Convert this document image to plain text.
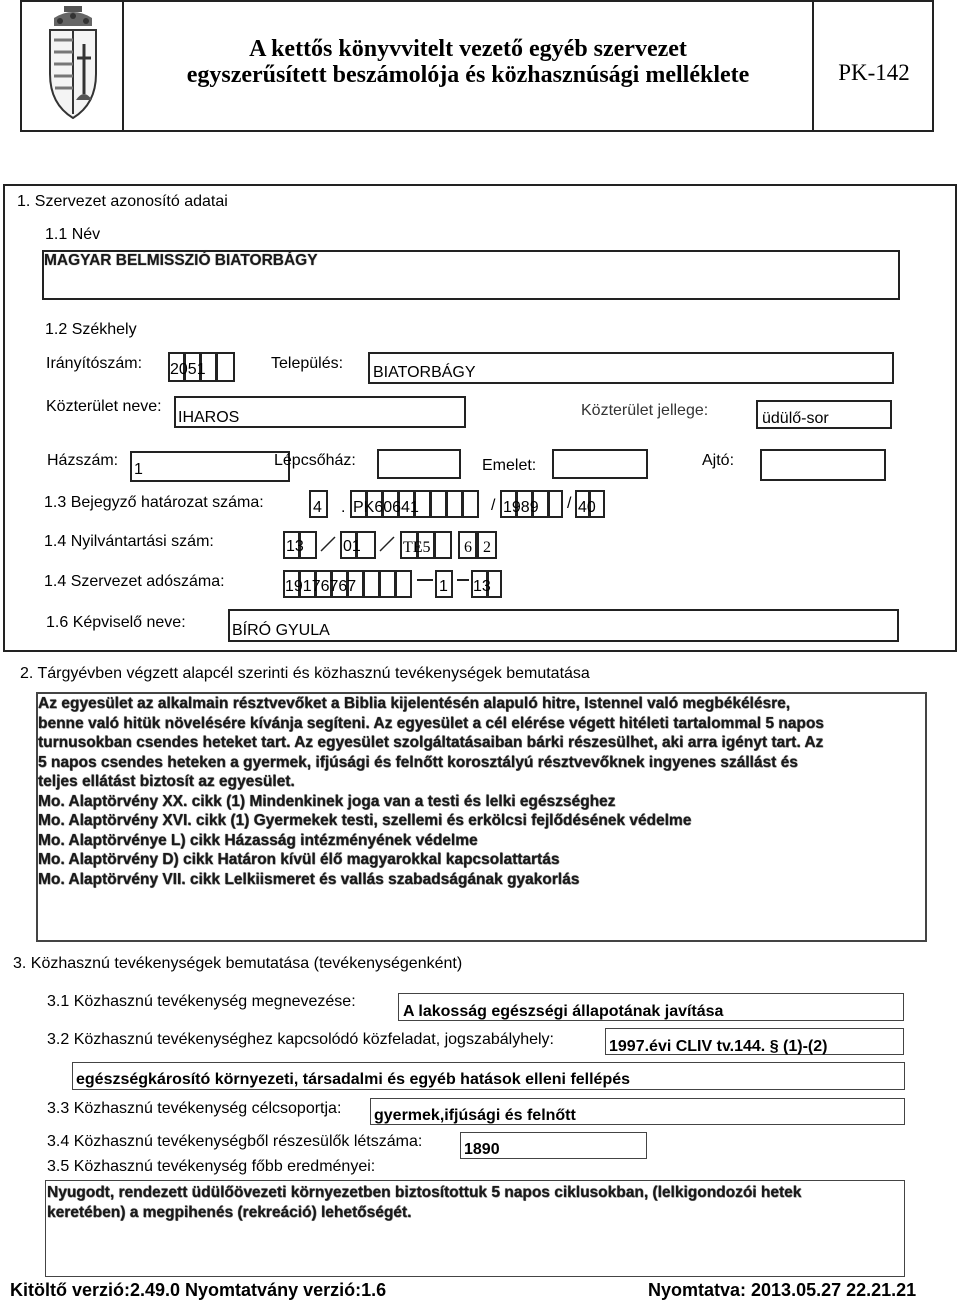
A kettős könyvvitelt vezető egyéb szervezet
egyszerűsített beszámolója és közhasznúsági melléklete	PK-142
1. Szervezet azonosító adatai
1.1 Név
MAGYAR BELMISSZIÓ BIATORBÁGY
1.2 Székhely
Irányítószám: 2051	Település:
BIATORBÁGY
Közterület neve:
IHAROS	Közterület jellege:	üdülő-sor
Házszám:
1
Lépcsőház:	Emelet:	Ajtó:
1.3 Bejegyző határozat száma:	4 . PK60641	/ 1989 / 40
1.4 Nyilvántartási szám:	13 01	TE5 6 2
1.4 Szervezet adószáma:	19176767	1 13
1.6 Képviselő neve:	BÍRÓ GYULA
2. Tárgyévben végzett alapcél szerinti és közhasznú tevékenységek bemutatása
Az egyesület az alkalmain résztvevőket a Biblia kijelentésén alapuló hitre, Istennel való megbékélésre,
benne való hitük növelésére kívánja segíteni. Az egyesület a cél elérése végett hitéleti tartalommal 5 napos
turnusokban csendes heteket tart. Az egyesület szolgáltatásaiban bárki részesülhet, aki arra igényt tart. Az
5 napos csendes heteken a gyermek, ifjúsági és felnőtt korosztályú résztvevőknek ingyenes szállást és
teljes ellátást biztosít az egyesület.
Mo. Alaptörvény XX. cikk (1) Mindenkinek joga van a testi és lelki egészséghez
Mo. Alaptörvény XVI. cikk (1) Gyermekek testi, szellemi és erkölcsi fejlődésének védelme
Mo. Alaptörvénye L) cikk Házasság intézményének védelme
Mo. Alaptörvény D) cikk Határon kívül élő magyarokkal kapcsolattartás
Mo. Alaptörvény VII. cikk Lelkiismeret és vallás szabadságának gyakorlás
3. Közhasznú tevékenységek bemutatása (tevékenységenként)
3.1 Közhasznú tevékenység megnevezése:
A lakosság egészségi állapotának javítása
3.2 Közhasznú tevékenységhez kapcsolódó közfeladat, jogszabályhely:	1997.évi CLIV tv.144. § (1)-(2)
egészségkárosító környezeti, társadalmi és egyéb hatások elleni fellépés
3.3 Közhasznú tevékenység célcsoportja: gyermek,ifjúsági és felnőtt
3.4 Közhasznú tevékenységből részesülők létszáma:	1890
3.5 Közhasznú tevékenység főbb eredményei:
Nyugodt, rendezett üdülőövezeti környezetben biztosítottuk 5 napos ciklusokban, (lelkigondozói hetek
keretében) a megpihenés (rekreáció) lehetőségét.
Kitöltő verzió:2.49.0 Nyomtatvány verzió:1.6	Nyomtatva: 2013.05.27 22.21.21
